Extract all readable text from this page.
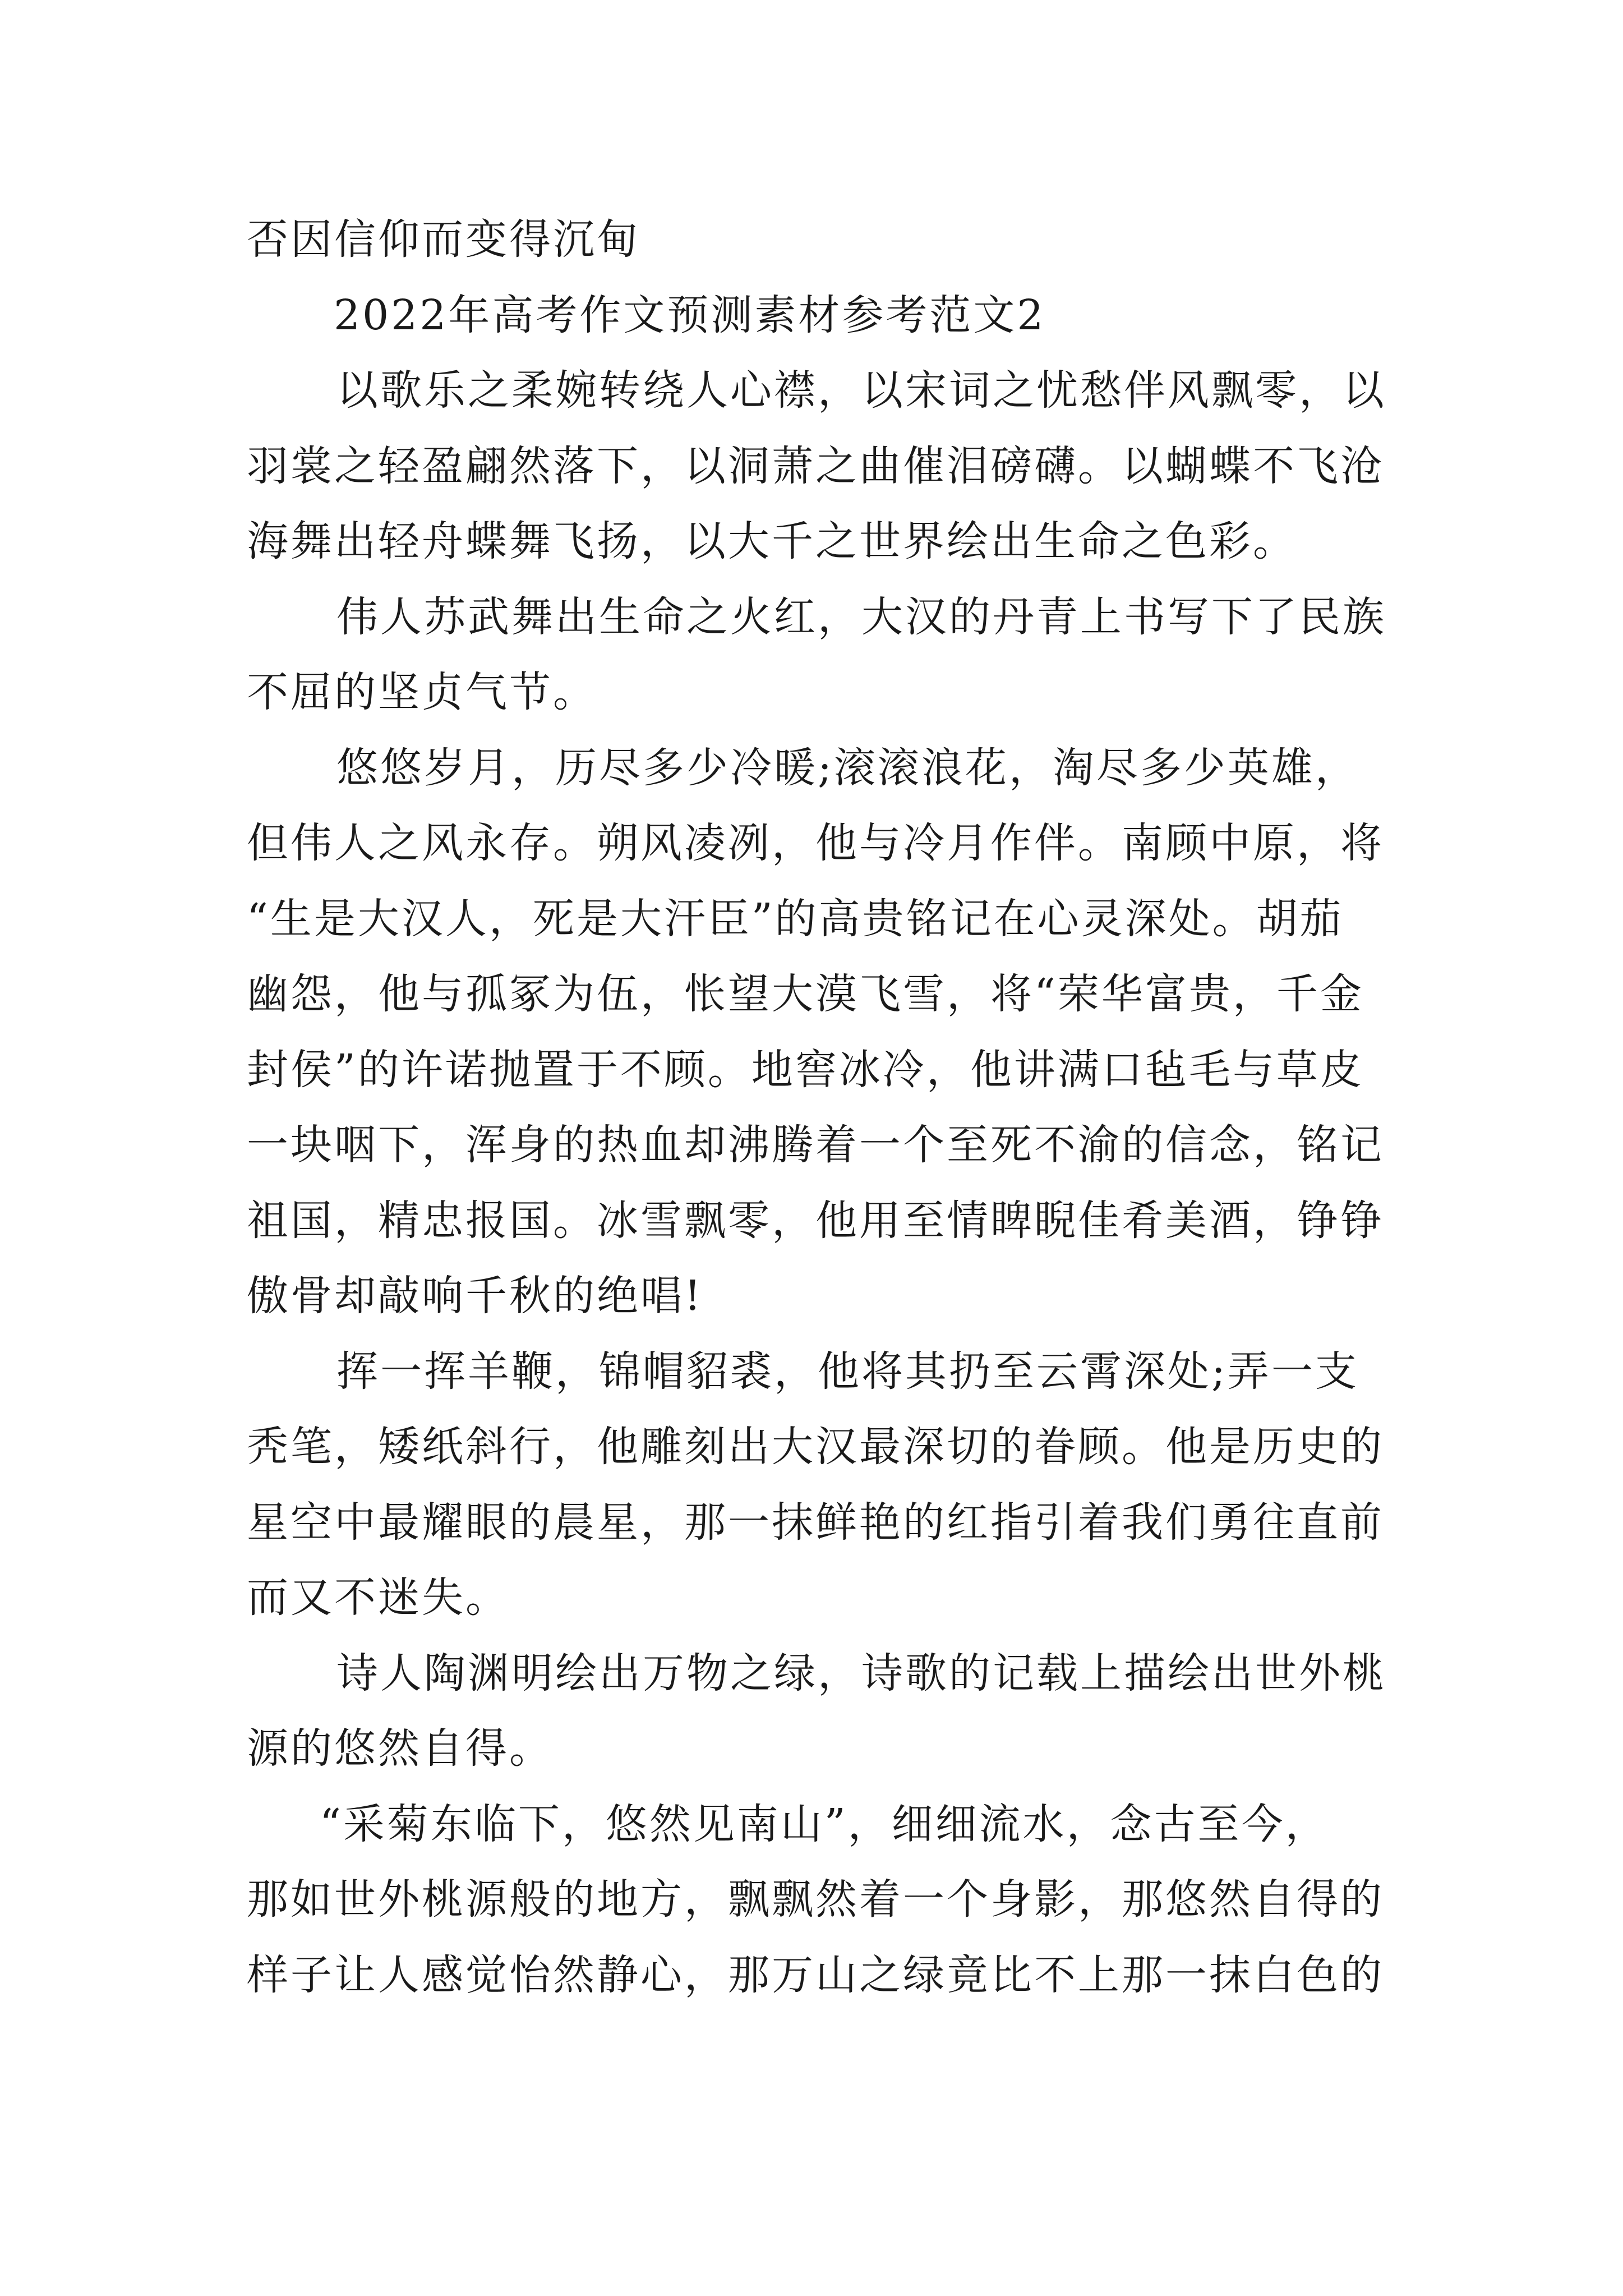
否因信仰而变得沉甸
2022年高考作文预测素材参考范文2
以歌乐之柔婉转绕人心襟，以宋词之忧愁伴风飘零，以
羽裳之轻盈翩然落下，以洞萧之曲催泪磅礴。以蝴蝶不飞沧
海舞出轻舟蝶舞飞扬，以大千之世界绘出生命之色彩。
伟人苏武舞出生命之火红，大汉的丹青上书写下了民族
不屈的坚贞气节。
悠悠岁月，历尽多少冷暖;滚滚浪花，淘尽多少英雄，
但伟人之风永存。朔风凌冽，他与冷月作伴。南顾中原，将
“生是大汉人，死是大汗臣”的高贵铭记在心灵深处。胡茄
幽怨，他与孤冢为伍，怅望大漠飞雪，将“荣华富贵，千金
封侯”的许诺抛置于不顾。地窖冰冷，他讲满口毡毛与草皮
一块咽下，浑身的热血却沸腾着一个至死不渝的信念，铭记
祖国，精忠报国。冰雪飘零，他用至情睥睨佳肴美酒，铮铮
傲骨却敲响千秋的绝唱!
挥一挥羊鞭，锦帽貂裘，他将其扔至云霄深处;弄一支
秃笔，矮纸斜行，他雕刻出大汉最深切的眷顾。他是历史的
星空中最耀眼的晨星，那一抹鲜艳的红指引着我们勇往直前
而又不迷失。
诗人陶渊明绘出万物之绿，诗歌的记载上描绘出世外桃
源的悠然自得。
“采菊东临下，悠然见南山”，细细流水，念古至今，
那如世外桃源般的地方，飘飘然着一个身影，那悠然自得的
样子让人感觉怡然静心，那万山之绿竟比不上那一抹白色的
